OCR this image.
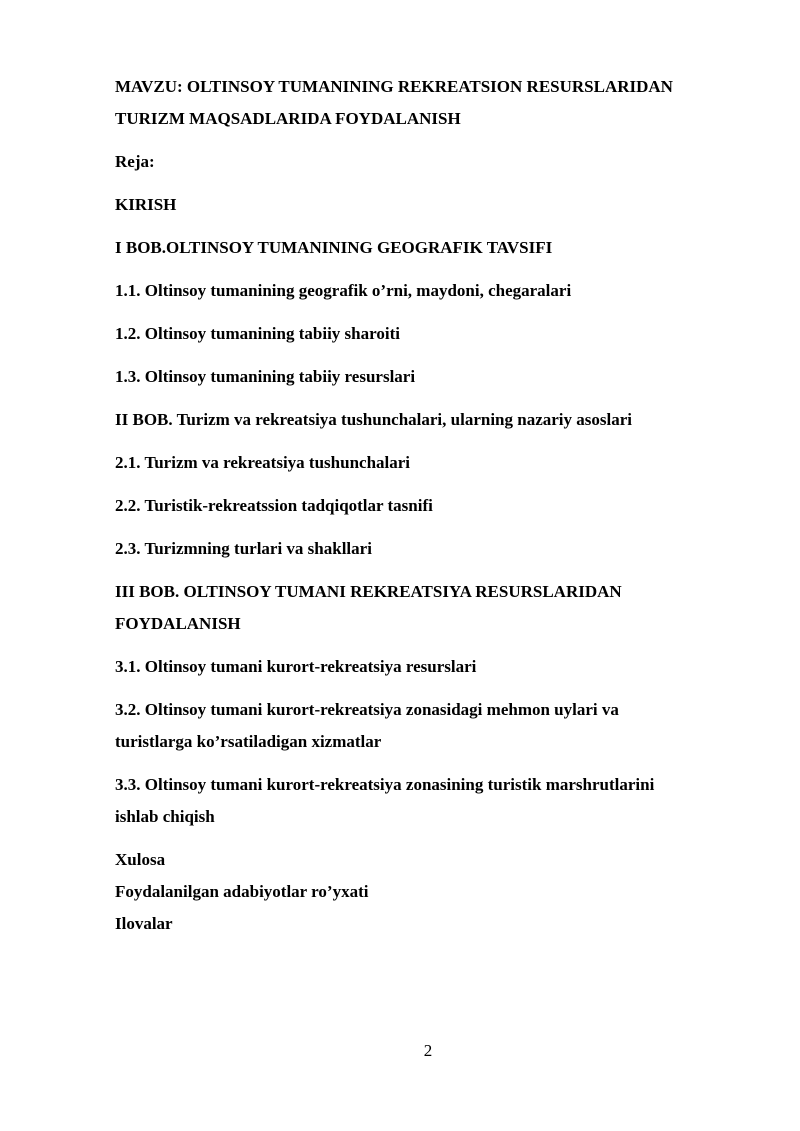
MAVZU: OLTINSOY TUMANINING REKREATSION RESURSLARIDAN
TURIZM MAQSADLARIDA FOYDALANISH
Reja:
KIRISH
I BOB.OLTINSOY TUMANINING GEOGRAFIK TAVSIFI
1.1. Oltinsoy tumanining geografik o’rni, maydoni, chegaralari
1.2. Oltinsoy tumanining tabiiy sharoiti
1.3. Oltinsoy tumanining tabiiy resurslari
II BOB. Turizm va rekreatsiya tushunchalari, ularning nazariy asoslari
2.1. Turizm va rekreatsiya tushunchalari
2.2. Turistik-rekreatssion tadqiqotlar tasnifi
2.3. Turizmning turlari va shakllari
III BOB. OLTINSOY TUMANI REKREATSIYA RESURSLARIDAN
FOYDALANISH
3.1. Oltinsoy tumani kurort-rekreatsiya resurslari
3.2. Oltinsoy tumani kurort-rekreatsiya zonasidagi mehmon uylari va
turistlarga ko’rsatiladigan xizmatlar
3.3. Oltinsoy tumani kurort-rekreatsiya zonasining turistik marshrutlarini
ishlab chiqish
Xulosa
Foydalanilgan adabiyotlar ro’yxati
Ilovalar
2
